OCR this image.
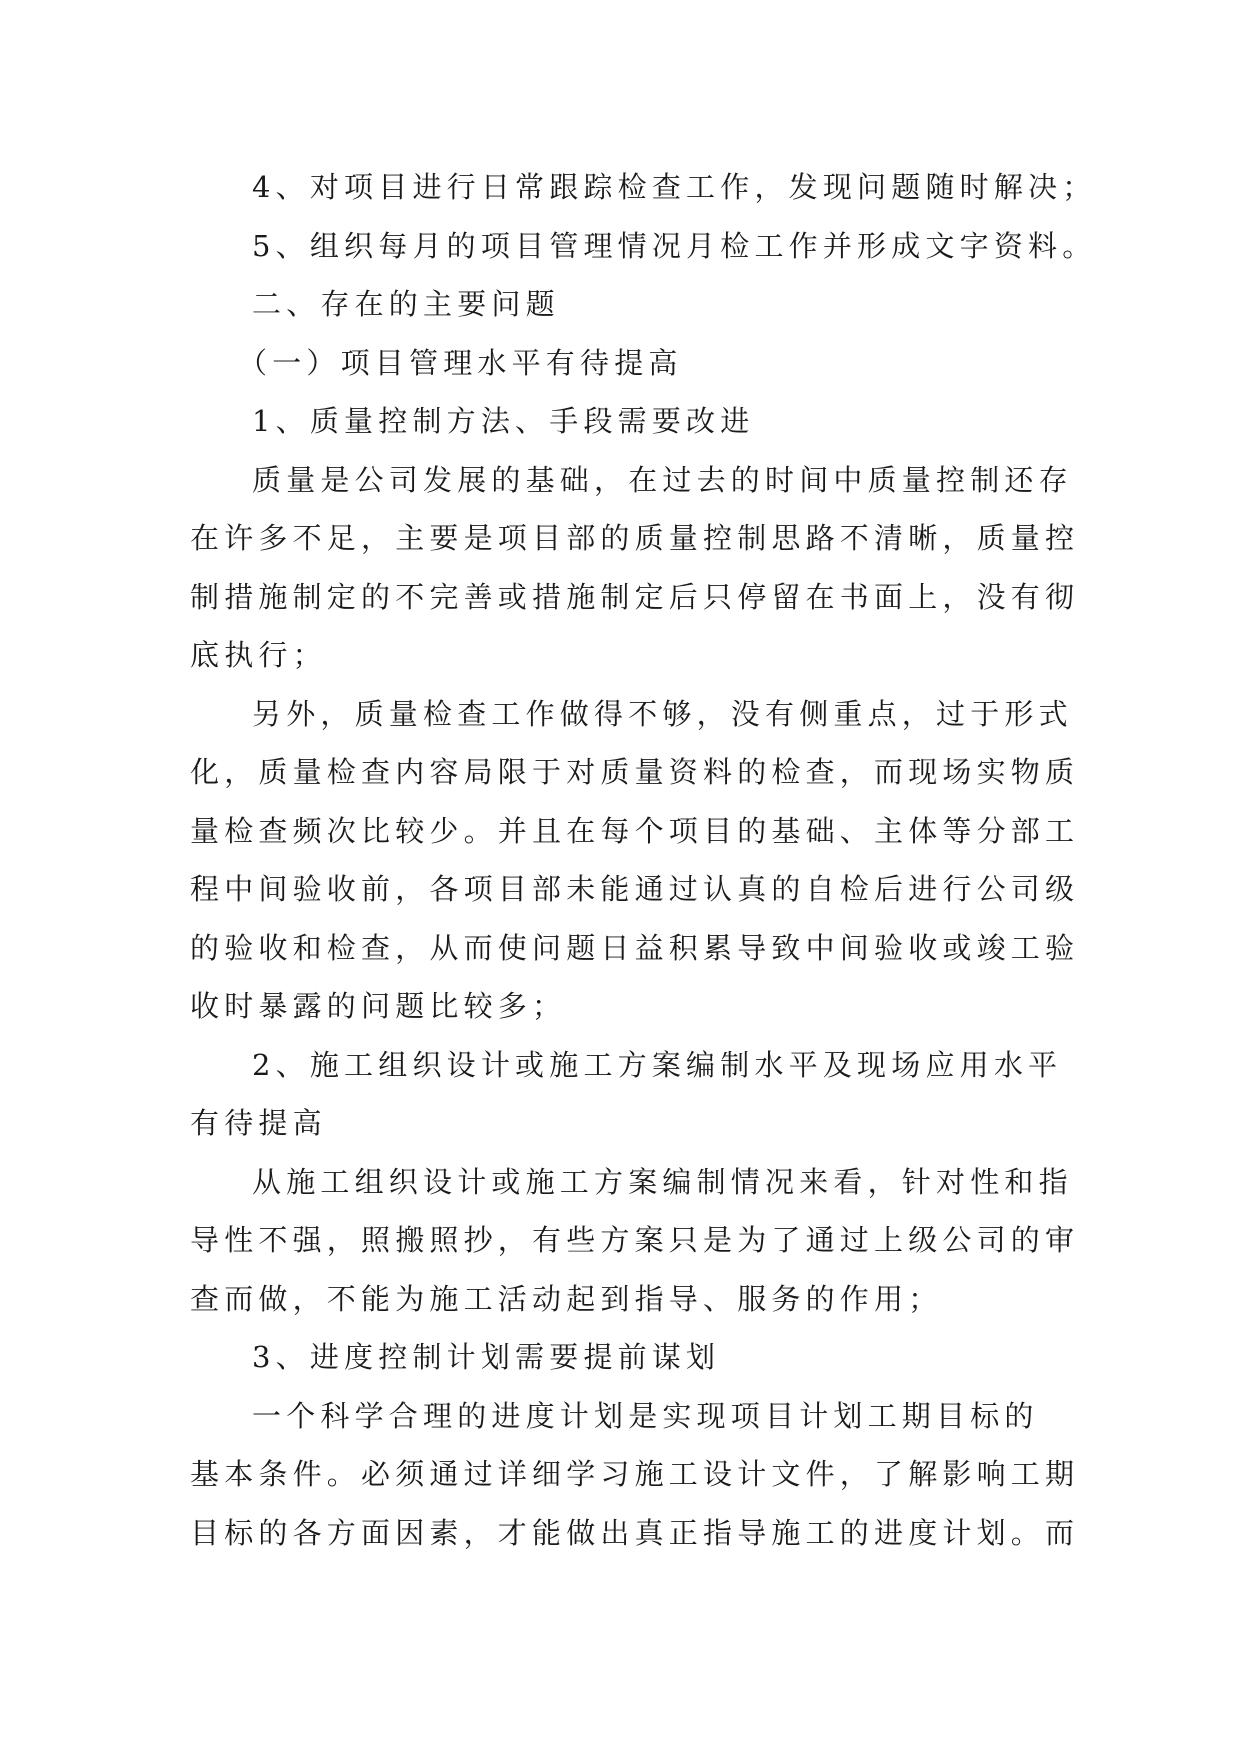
4、对项目进行日常跟踪检查工作，发现问题随时解决；
5、组织每月的项目管理情况月检工作并形成文字资料。
二、存在的主要问题
（一）项目管理水平有待提高
1、质量控制方法、手段需要改进
质量是公司发展的基础，在过去的时间中质量控制还存
在许多不足，主要是项目部的质量控制思路不清晰，质量控
制措施制定的不完善或措施制定后只停留在书面上，没有彻
底执行；
另外，质量检查工作做得不够，没有侧重点，过于形式
化，质量检查内容局限于对质量资料的检查，而现场实物质
量检查频次比较少。并且在每个项目的基础、主体等分部工
程中间验收前，各项目部未能通过认真的自检后进行公司级
的验收和检查，从而使问题日益积累导致中间验收或竣工验
收时暴露的问题比较多；
2、施工组织设计或施工方案编制水平及现场应用水平
有待提高
从施工组织设计或施工方案编制情况来看，针对性和指
导性不强，照搬照抄，有些方案只是为了通过上级公司的审
查而做，不能为施工活动起到指导、服务的作用；
3、进度控制计划需要提前谋划
一个科学合理的进度计划是实现项目计划工期目标的
基本条件。必须通过详细学习施工设计文件，了解影响工期
目标的各方面因素，才能做出真正指导施工的进度计划。而
